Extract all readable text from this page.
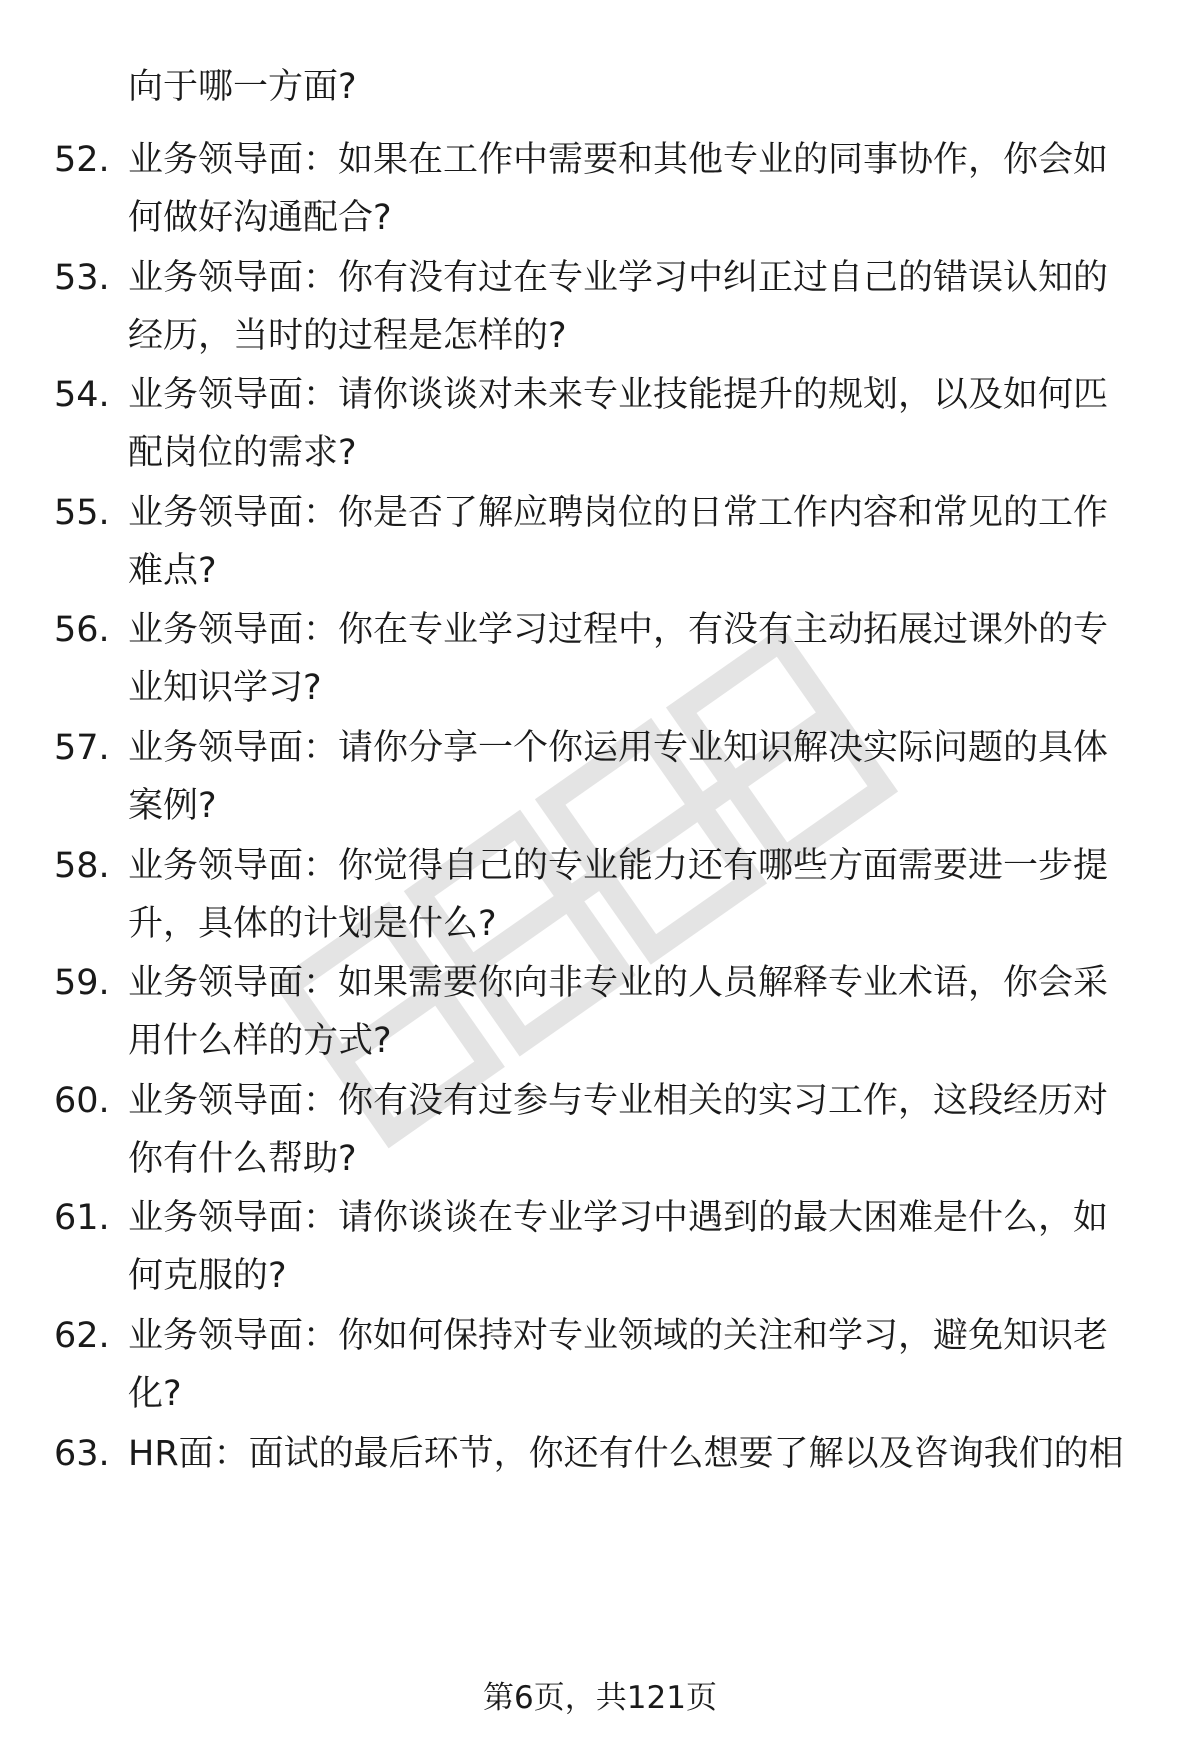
向于哪一方面?
52. 业务领导面：如果在工作中需要和其他专业的同事协作，你会如
何做好沟通配合?
53. 业务领导面：你有没有过在专业学习中纠正过自己的错误认知的
经历，当时的过程是怎样的?
54. 业务领导面：请你谈谈对未来专业技能提升的规划，以及如何匹
配岗位的需求?
55. 业务领导面：你是否了解应聘岗位的日常工作内容和常见的工作
难点?
56. 业务领导面：你在专业学习过程中，有没有主动拓展过课外的专
业知识学习?
57. 业务领导面：请你分享一个你运用专业知识解决实际问题的具体
案例?
58. 业务领导面：你觉得自己的专业能力还有哪些方面需要进一步提
升，具体的计划是什么?
59. 业务领导面：如果需要你向非专业的人员解释专业术语，你会采
用什么样的方式?
60. 业务领导面：你有没有过参与专业相关的实习工作，这段经历对
你有什么帮助?
61. 业务领导面：请你谈谈在专业学习中遇到的最大困难是什么，如
何克服的?
62. 业务领导面：你如何保持对专业领域的关注和学习，避免知识老
化?
63. HR面：面试的最后环节，你还有什么想要了解以及咨询我们的相
第6页，共121页
